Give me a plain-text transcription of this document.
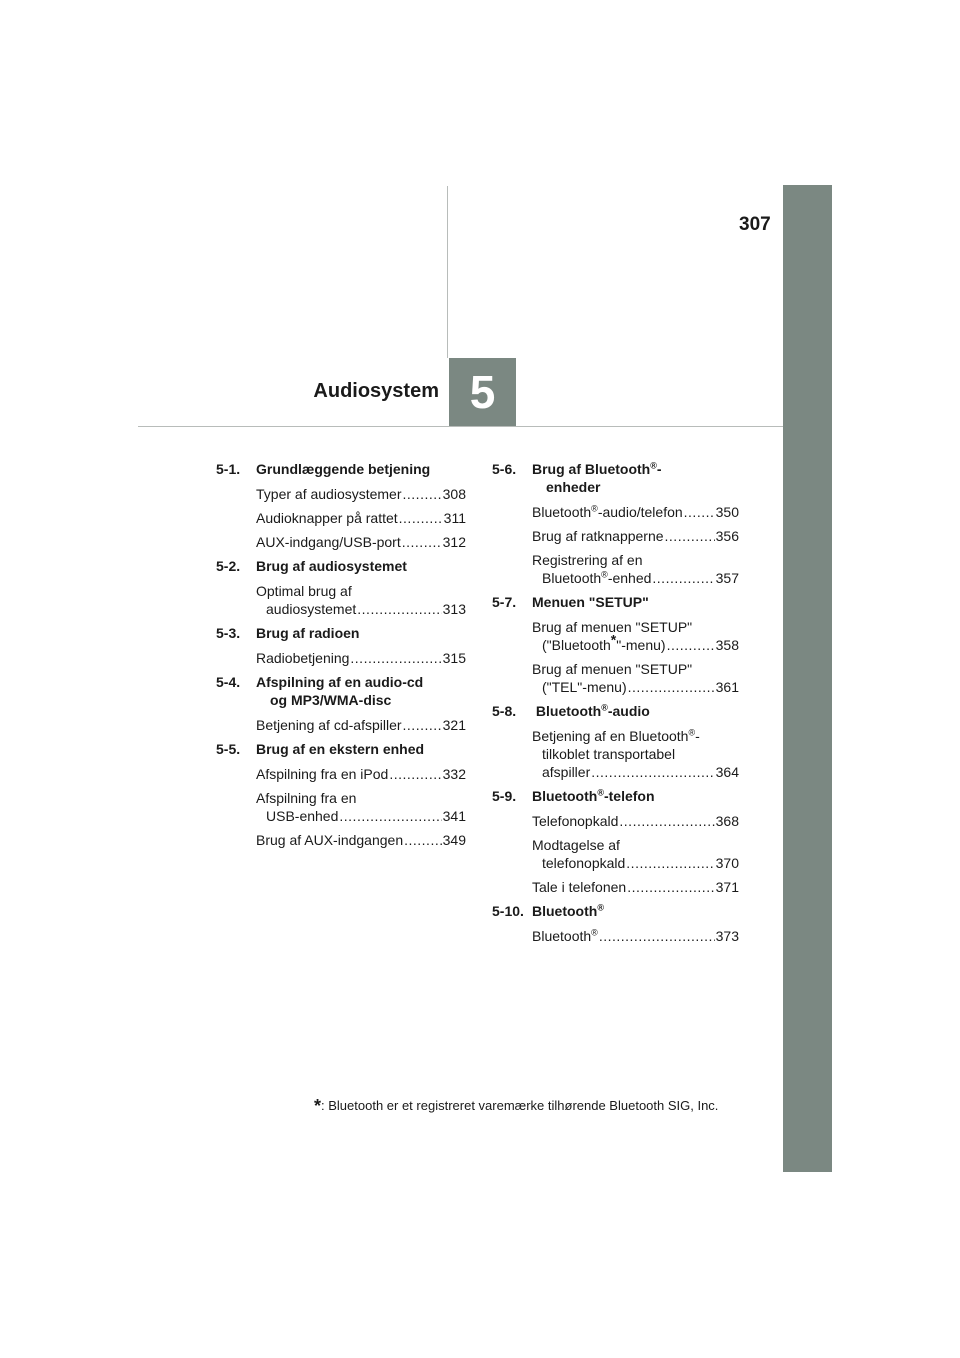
307
5
Audiosystem
5-1.	Grundlæggende betjening
Typer af audiosystemer .....	308
Audioknapper på rattet .....	311
AUX-indgang/USB-port .....	312
5-2.	Brug af audiosystemet
Optimal brug af
audiosystemet .....	313
5-3.	Brug af radioen
Radiobetjening .....	315
5-4.	Afspilning af en audio-cd
og MP3/WMA-disc
Betjening af cd-afspiller .....	321
5-5.	Brug af en ekstern enhed
Afspilning fra en iPod .....	332
Afspilning fra en
USB-enhed .....	341
Brug af AUX-indgangen .....	349
5-6.	Brug af Bluetooth®-
enheder
Bluetooth®-audio/telefon ..... 350
Brug af ratknapperne .....	356
Registrering af en
Bluetooth®-enhed .....	357
5-7.	Menuen "SETUP"
Brug af menuen "SETUP"
("Bluetooth*"-menu) .....	358
Brug af menuen "SETUP"
("TEL"-menu) .....	361
5-8.	Bluetooth®-audio
Betjening af en Bluetooth®-
tilkoblet transportabel
afspiller .....	364
5-9.	Bluetooth®-telefon
Telefonopkald .....	368
Modtagelse af
telefonopkald .....	370
Tale i telefonen .....	371
5-10. Bluetooth®
Bluetooth® .....	373
*: Bluetooth er et registreret varemærke tilhørende Bluetooth SIG, Inc.
